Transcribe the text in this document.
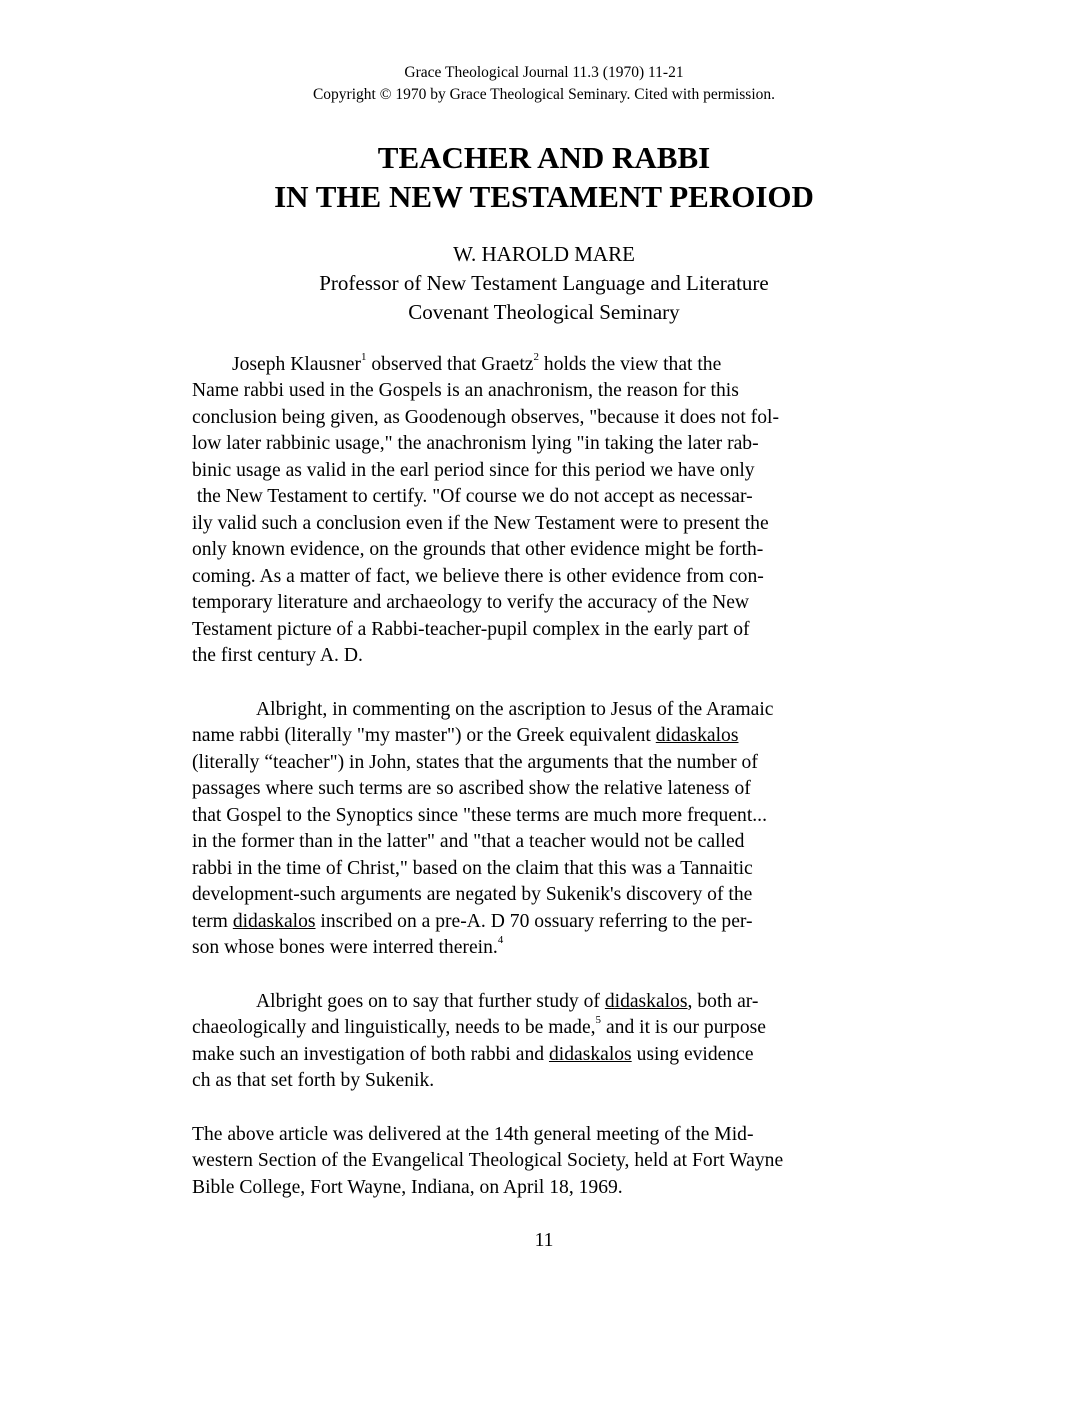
Grace Theological Journal 11.3 (1970) 11-21
Copyright © 1970 by Grace Theological Seminary. Cited with permission.
TEACHER AND RABBI
IN THE NEW TESTAMENT PEROIOD
W. HAROLD MARE
Professor of New Testament Language and Literature
Covenant Theological Seminary
Joseph Klausner$^1$ observed that Graetz$^2$ holds the view that the
Name rabbi used in the Gospels is an anachronism, the reason for this
conclusion being given, as Goodenough observes, "because it does not fol-
low later rabbinic usage," the anachronism lying "in taking the later rab-
binic usage as valid in the earl period since for this period we have only
the New Testament to certify. "Of course we do not accept as necessar-
ily valid such a conclusion even if the New Testament were to present the
only known evidence, on the grounds that other evidence might be forth-
coming. As a matter of fact, we believe there is other evidence from con-
temporary literature and archaeology to verify the accuracy of the New
Testament picture of a Rabbi-teacher-pupil complex in the early part of
the first century A. D.
Albright, in commenting on the ascription to Jesus of the Aramaic
name rabbi (literally "my master") or the Greek equivalent didaskalos
(literally “teacher") in John, states that the arguments that the number of
passages where such terms are so ascribed show the relative lateness of
that Gospel to the Synoptics since "these terms are much more frequent...
in the former than in the latter" and "that a teacher would not be called
rabbi in the time of Christ," based on the claim that this was a Tannaitic
development-such arguments are negated by Sukenik's discovery of the
term didaskalos inscribed on a pre-A. D 70 ossuary referring to the per-
son whose bones were interred therein.$^4$
Albright goes on to say that further study of didaskalos, both ar-
chaeologically and linguistically, needs to be made,$^5$ and it is our purpose
make such an investigation of both rabbi and didaskalos using evidence
ch as that set forth by Sukenik.
The above article was delivered at the 14th general meeting of the Mid-
western Section of the Evangelical Theological Society, held at Fort Wayne
Bible College, Fort Wayne, Indiana, on April 18, 1969.
11
